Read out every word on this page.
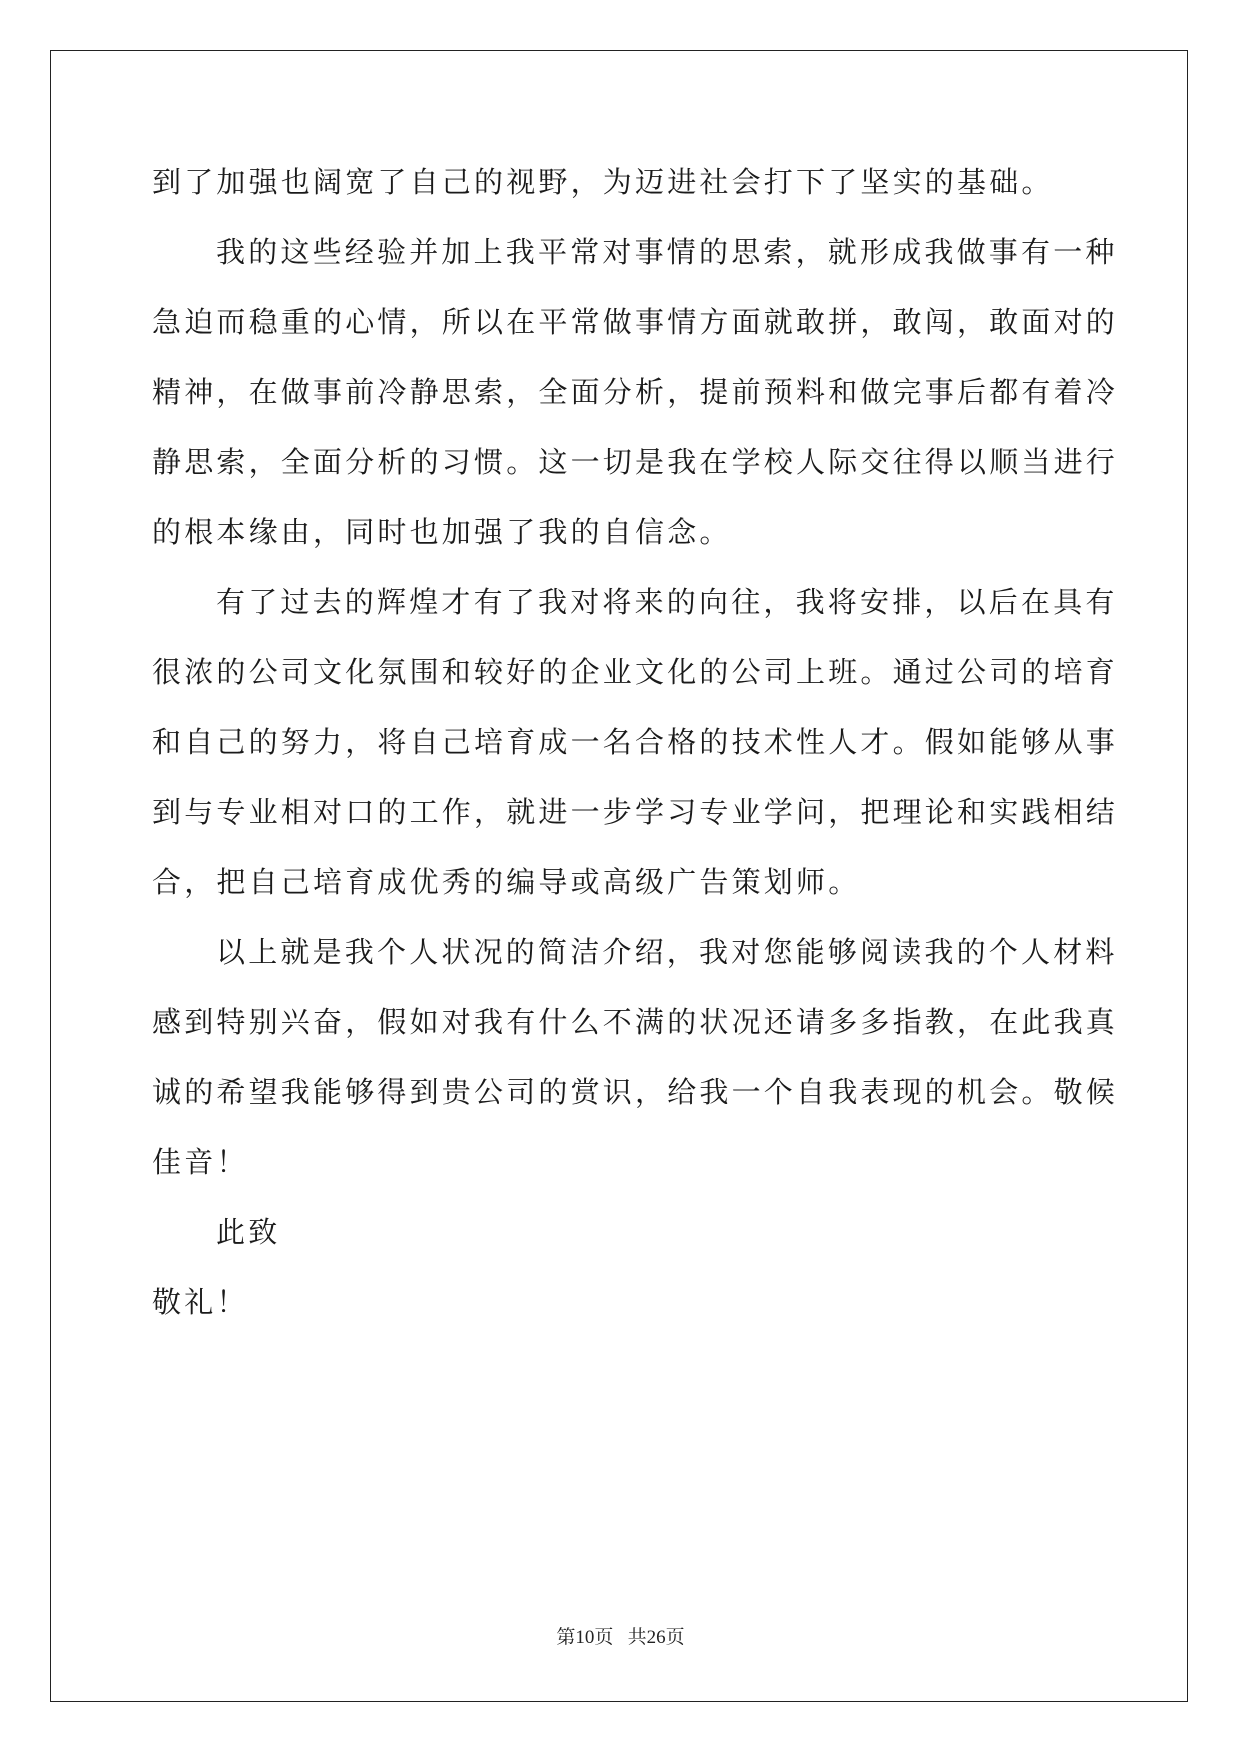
到了加强也阔宽了自己的视野，为迈进社会打下了坚实的基础。
我的这些经验并加上我平常对事情的思索，就形成我做事有一种
急迫而稳重的心情，所以在平常做事情方面就敢拼，敢闯，敢面对的
精神，在做事前冷静思索，全面分析，提前预料和做完事后都有着冷
静思索，全面分析的习惯。这一切是我在学校人际交往得以顺当进行
的根本缘由，同时也加强了我的自信念。
有了过去的辉煌才有了我对将来的向往，我将安排，以后在具有
很浓的公司文化氛围和较好的企业文化的公司上班。通过公司的培育
和自己的努力，将自己培育成一名合格的技术性人才。假如能够从事
到与专业相对口的工作，就进一步学习专业学问，把理论和实践相结
合，把自己培育成优秀的编导或高级广告策划师。
以上就是我个人状况的简洁介绍，我对您能够阅读我的个人材料
感到特别兴奋，假如对我有什么不满的状况还请多多指教，在此我真
诚的希望我能够得到贵公司的赏识，给我一个自我表现的机会。敬候
佳音！
此致
敬礼！
第10页 共26页
